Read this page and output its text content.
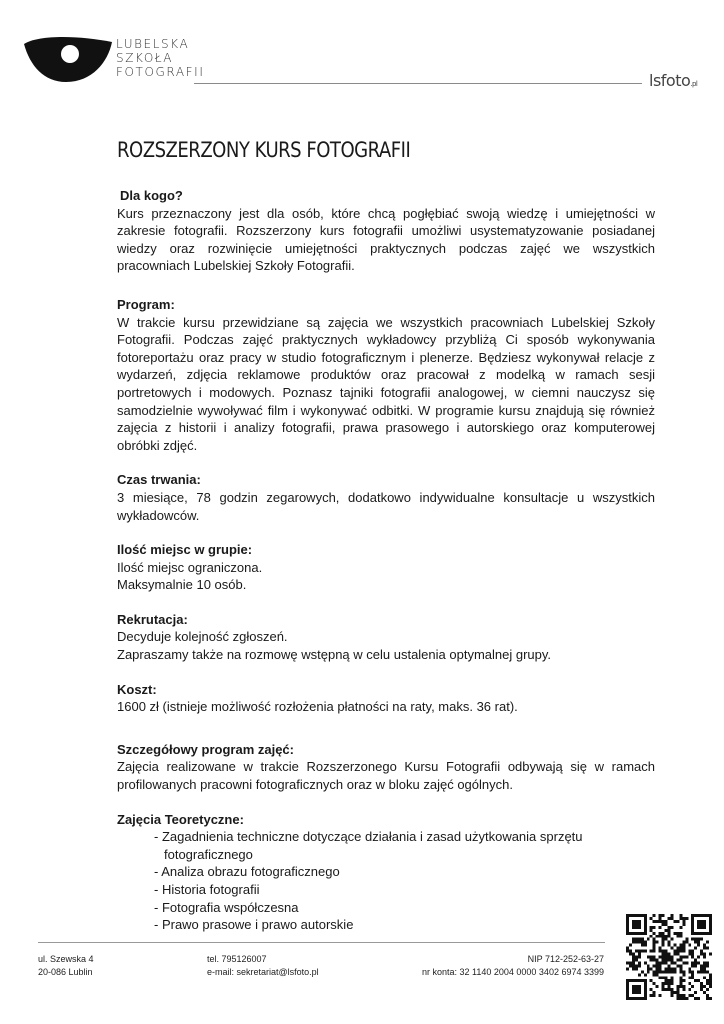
LUBELSKA
SZKOŁA
FOTOGRAFII	lsfoto.pl
ROZSZERZONY KURS FOTOGRAFII
Dla kogo?
Kurs przeznaczony jest dla osób, które chcą pogłębiać swoją wiedzę i umiejętności w zakresie fotografii. Rozszerzony kurs fotografii umożliwi usystematyzowanie posiadanej wiedzy oraz rozwinięcie umiejętności praktycznych podczas zajęć we wszystkich pracowniach Lubelskiej Szkoły Fotografii.
Program:
W trakcie kursu przewidziane są zajęcia we wszystkich pracowniach Lubelskiej Szkoły Fotografii. Podczas zajęć praktycznych wykładowcy przybliżą Ci sposób wykonywania fotoreportażu oraz pracy w studio fotograficznym i plenerze. Będziesz wykonywał relacje z wydarzeń, zdjęcia reklamowe produktów oraz pracował z modelką w ramach sesji portretowych i modowych. Poznasz tajniki fotografii analogowej, w ciemni nauczysz się samodzielnie wywoływać film i wykonywać odbitki. W programie kursu znajdują się również zajęcia z historii i analizy fotografii, prawa prasowego i autorskiego oraz komputerowej obróbki zdjęć.
Czas trwania:
3 miesiące, 78 godzin zegarowych, dodatkowo indywidualne konsultacje u wszystkich wykładowców.
Ilość miejsc w grupie:
Ilość miejsc ograniczona.
Maksymalnie 10 osób.
Rekrutacja:
Decyduje kolejność zgłoszeń.
Zapraszamy także na rozmowę wstępną w celu ustalenia optymalnej grupy.
Koszt:
1600 zł (istnieje możliwość rozłożenia płatności na raty, maks. 36 rat).
Szczegółowy program zajęć:
Zajęcia realizowane w trakcie Rozszerzonego Kursu Fotografii odbywają się w ramach profilowanych pracowni fotograficznych oraz w bloku zajęć ogólnych.
Zajęcia Teoretyczne:
- Zagadnienia techniczne dotyczące działania i zasad użytkowania sprzętu
fotograficznego
- Analiza obrazu fotograficznego
- Historia fotografii
- Fotografia współczesna
- Prawo prasowe i prawo autorskie
ul. Szewska 4
20-086 Lublin
tel. 795126007
e-mail: sekretariat@lsfoto.pl
NIP 712-252-63-27
nr konta: 32 1140 2004 0000 3402 6974 3399
